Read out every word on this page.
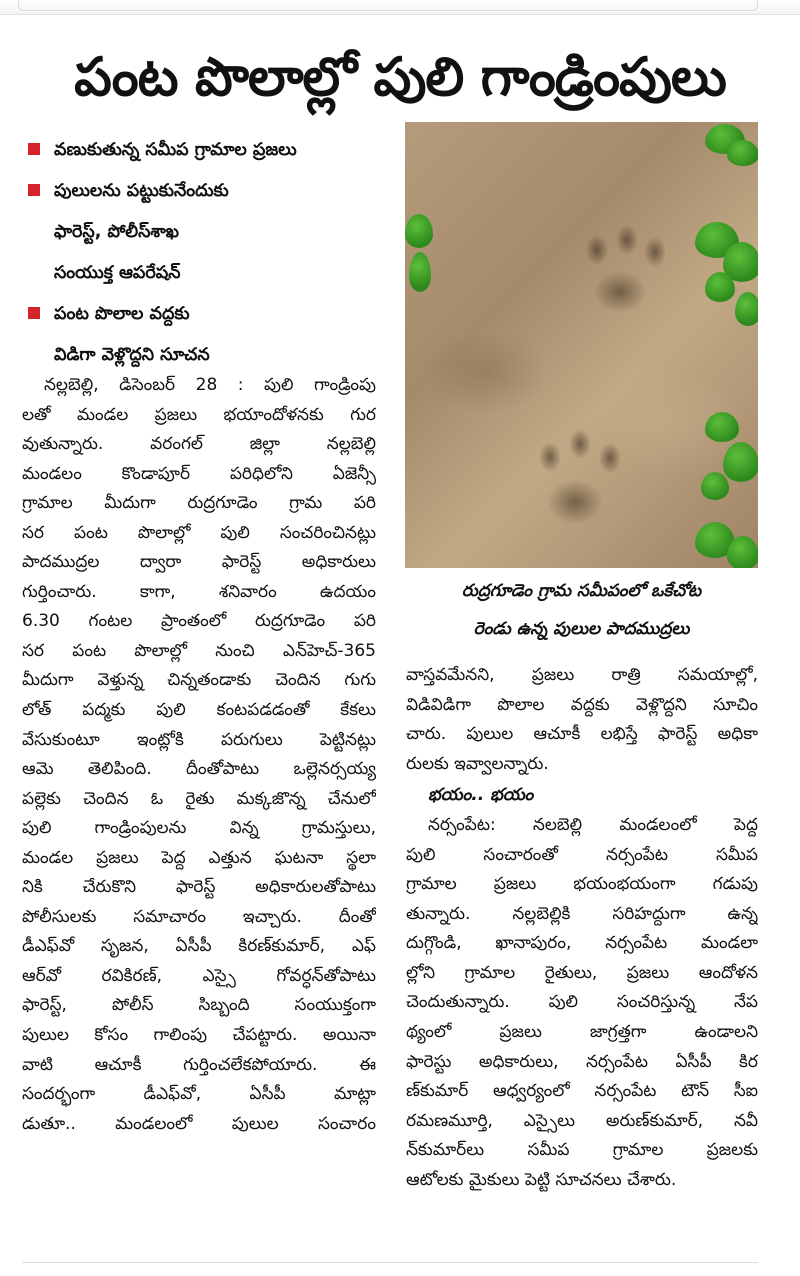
పంట పొలాల్లో పులి గాండ్రింపులు
వణుకుతున్న సమీప గ్రామాల ప్రజలు
పులులను పట్టుకునేందుకు
ఫారెస్ట్, పోలీస్‌శాఖ
సంయుక్త ఆపరేషన్
పంట పొలాల వద్దకు
విడిగా వెళ్లొద్దని సూచన
రుద్రగూడెం గ్రామ సమీపంలో ఒకేచోట
రెండు ఉన్న పులుల పాదముద్రలు
నల్లబెల్లి, డిసెంబర్ 28 : పులి గాండ్రింపు
లతో మండల ప్రజలు భయాందోళనకు గుర
వుతున్నారు. వరంగల్ జిల్లా నల్లబెల్లి
మండలం కొండాపూర్ పరిధిలోని ఏజెన్సీ
గ్రామాల మీదుగా రుద్రగూడెం గ్రామ పరి
సర పంట పొలాల్లో పులి సంచరించినట్లు
పాదముద్రల ద్వారా ఫారెస్ట్ అధికారులు
గుర్తించారు. కాగా, శనివారం ఉదయం
6.30 గంటల ప్రాంతంలో రుద్రగూడెం పరి
సర పంట పొలాల్లో నుంచి ఎన్‌హెచ్-365
మీదుగా వెళ్తున్న చిన్నతండాకు చెందిన గుగు
లోత్ పద్మకు పులి కంటపడడంతో కేకలు
వేసుకుంటూ ఇంట్లోకి పరుగులు పెట్టినట్లు
ఆమె తెలిపింది. దీంతోపాటు ఒల్లెనర్సయ్య
పల్లెకు చెందిన ఓ రైతు మక్కజొన్న చేనులో
పులి గాండ్రింపులను విన్న గ్రామస్తులు,
మండల ప్రజలు పెద్ద ఎత్తున ఘటనా స్థలా
నికి చేరుకొని ఫారెస్ట్ అధికారులతోపాటు
పోలీసులకు సమాచారం ఇచ్చారు. దీంతో
డీఎఫ్‌వో సృజన, ఏసీపీ కిరణ్‌కుమార్, ఎఫ్
ఆర్‌వో రవికిరణ్, ఎస్సై గోవర్ధన్‌తోపాటు
ఫారెస్ట్, పోలీస్ సిబ్బంది సంయుక్తంగా
పులుల కోసం గాలింపు చేపట్టారు. అయినా
వాటి ఆచూకీ గుర్తించలేకపోయారు. ఈ
సందర్భంగా డీఎఫ్‌వో, ఏసీపీ మాట్లా
డుతూ.. మండలంలో పులుల సంచారం
వాస్తవమేనని, ప్రజలు రాత్రి సమయాల్లో,
విడివిడిగా పొలాల వద్దకు వెళ్లొద్దని సూచిం
చారు. పులుల ఆచూకీ లభిస్తే ఫారెస్ట్ అధికా
రులకు ఇవ్వాలన్నారు.
భయం.. భయం
నర్సంపేట: నలబెల్లి మండలంలో పెద్ద
పులి సంచారంతో నర్సంపేట సమీప
గ్రామాల ప్రజలు భయంభయంగా గడుపు
తున్నారు. నల్లబెల్లికి సరిహద్దుగా ఉన్న
దుగ్గొండి, ఖానాపురం, నర్సంపేట మండలా
ల్లోని గ్రామాల రైతులు, ప్రజలు ఆందోళన
చెందుతున్నారు. పులి సంచరిస్తున్న నేప
థ్యంలో ప్రజలు జాగ్రత్తగా ఉండాలని
ఫారెస్టు అధికారులు, నర్సంపేట ఏసీపీ కిర
ణ్‌కుమార్ ఆధ్వర్యంలో నర్సంపేట టౌన్ సీఐ
రమణమూర్తి, ఎస్సైలు అరుణ్‌కుమార్, నవీ
న్‌కుమార్‌లు సమీప గ్రామాల ప్రజలకు
ఆటోలకు మైకులు పెట్టి సూచనలు చేశారు.
